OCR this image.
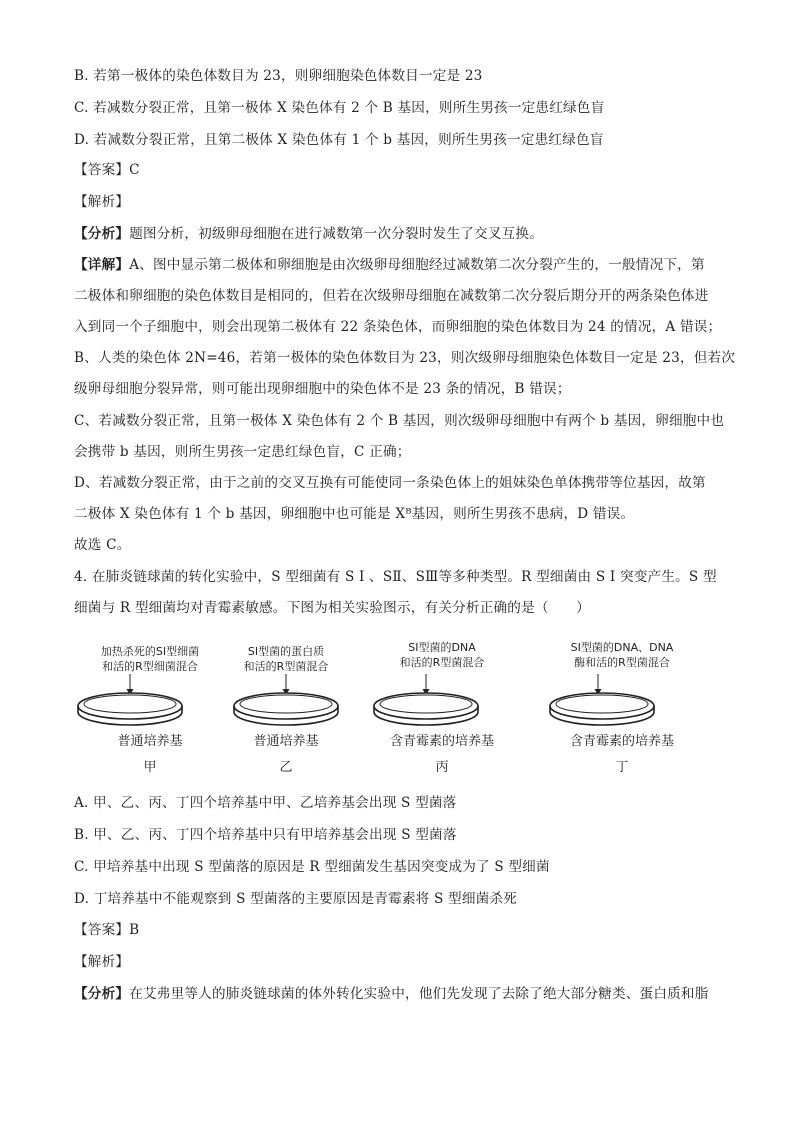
B. 若第一极体的染色体数目为 23，则卵细胞染色体数目一定是 23
C. 若减数分裂正常，且第一极体 X 染色体有 2 个 B 基因，则所生男孩一定患红绿色盲
D. 若减数分裂正常，且第二极体 X 染色体有 1 个 b 基因，则所生男孩一定患红绿色盲
【答案】C
【解析】
【分析】题图分析，初级卵母细胞在进行减数第一次分裂时发生了交叉互换。
【详解】A、图中显示第二极体和卵细胞是由次级卵母细胞经过减数第二次分裂产生的，一般情况下，第
二极体和卵细胞的染色体数目是相同的，但若在次级卵母细胞在减数第二次分裂后期分开的两条染色体进
入到同一个子细胞中，则会出现第二极体有 22 条染色体，而卵细胞的染色体数目为 24 的情况，A 错误；
B、人类的染色体 2N=46，若第一极体的染色体数目为 23，则次级卵母细胞染色体数目一定是 23，但若次
级卵母细胞分裂异常，则可能出现卵细胞中的染色体不是 23 条的情况，B 错误；
C、若减数分裂正常，且第一极体 X 染色体有 2 个 B 基因，则次级卵母细胞中有两个 b 基因，卵细胞中也
会携带 b 基因，则所生男孩一定患红绿色盲，C 正确；
D、若减数分裂正常，由于之前的交叉互换有可能使同一条染色体上的姐妹染色单体携带等位基因，故第
二极体 X 染色体有 1 个 b 基因，卵细胞中也可能是 Xᴮ基因，则所生男孩不患病，D 错误。
故选 C。
4. 在肺炎链球菌的转化实验中，S 型细菌有 S Ⅰ 、SⅡ、SⅢ等多种类型。R 型细菌由 S Ⅰ 突变产生。S 型
细菌与 R 型细菌均对青霉素敏感。下图为相关实验图示，有关分析正确的是（　　）
加热杀死的SⅠ型细菌
和活的R型细菌混合
普通培养基
甲
SⅠ型菌的蛋白质
和活的R型菌混合
普通培养基
乙
SⅠ型菌的DNA
和活的R型菌混合
含青霉素的培养基
丙
SⅠ型菌的DNA、DNA
酶和活的R型菌混合
含青霉素的培养基
丁
A. 甲、乙、丙、丁四个培养基中甲、乙培养基会出现 S 型菌落
B. 甲、乙、丙、丁四个培养基中只有甲培养基会出现 S 型菌落
C. 甲培养基中出现 S 型菌落的原因是 R 型细菌发生基因突变成为了 S 型细菌
D. 丁培养基中不能观察到 S 型菌落的主要原因是青霉素将 S 型细菌杀死
【答案】B
【解析】
【分析】在艾弗里等人的肺炎链球菌的体外转化实验中，他们先发现了去除了绝大部分糖类、蛋白质和脂
